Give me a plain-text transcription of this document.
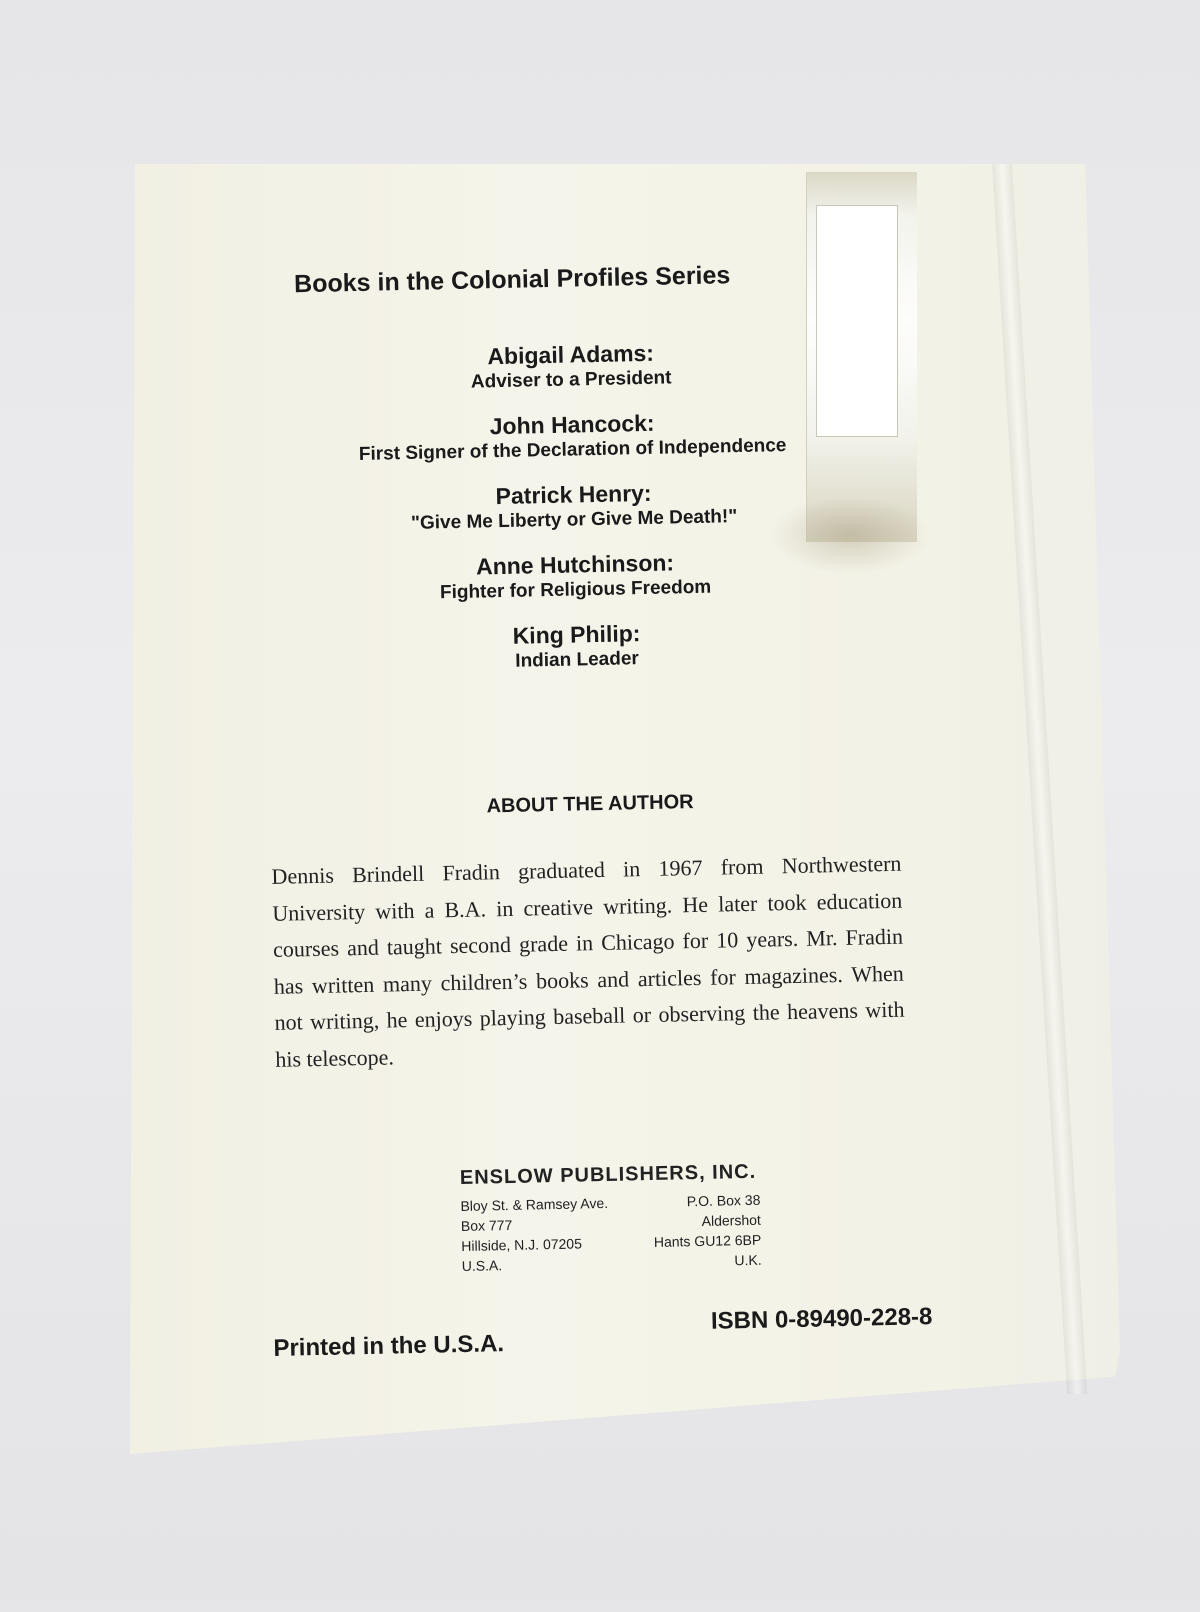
Books in the Colonial Profiles Series
Abigail Adams:
Adviser to a President
John Hancock:
First Signer of the Declaration of Independence
Patrick Henry:
"Give Me Liberty or Give Me Death!"
Anne Hutchinson:
Fighter for Religious Freedom
King Philip:
Indian Leader
ABOUT THE AUTHOR
Dennis Brindell Fradin graduated in 1967 from Northwestern University with a B.A. in creative writing. He later took education courses and taught second grade in Chicago for 10 years. Mr. Fradin has written many children’s books and articles for magazines. When not writing, he enjoys playing baseball or observing the heavens with his telescope.
ENSLOW PUBLISHERS, INC.
Bloy St. & Ramsey Ave.
Box 777
Hillside, N.J. 07205
U.S.A.
P.O. Box 38
Aldershot
Hants GU12 6BP
U.K.
Printed in the U.S.A.
ISBN 0-89490-228-8
